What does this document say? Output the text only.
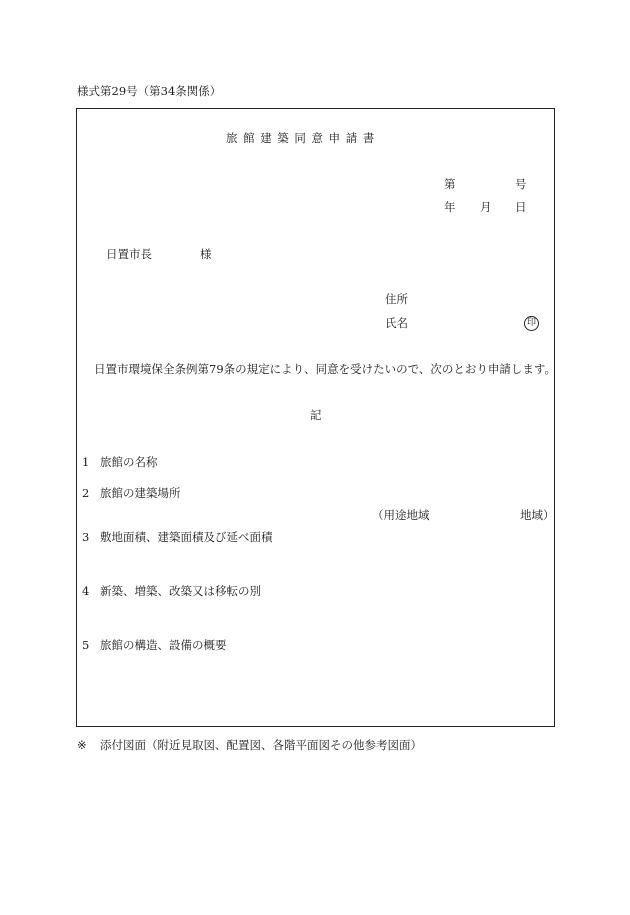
様式第29号（第34条関係）
旅館建築同意申請書
第	号
年 月 日
日置市長	様
住所
氏名	印
日置市環境保全条例第79条の規定により、同意を受けたいので、次のとおり申請します。
記
1 旅館の名称
2 旅館の建築場所
（用途地域	地域）
3 敷地面積、建築面積及び延べ面積
4 新築、増築、改築又は移転の別
5 旅館の構造、設備の概要
※ 添付図面（附近見取図、配置図、各階平面図その他参考図面）
